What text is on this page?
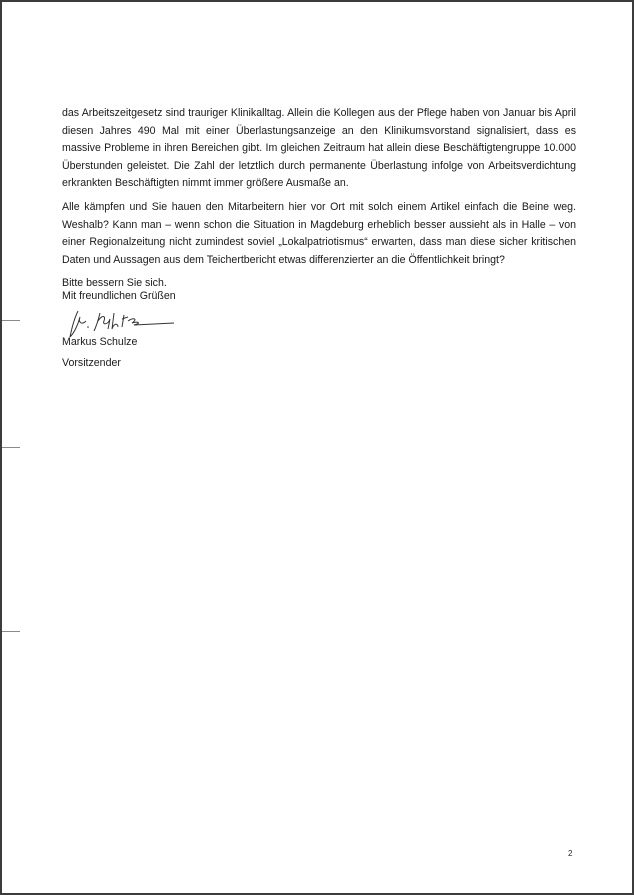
das Arbeitszeitgesetz sind trauriger Klinikalltag. Allein die Kollegen aus der Pflege haben von Januar bis April diesen Jahres 490 Mal mit einer Überlastungsanzeige an den Klinikumsvorstand signalisiert, dass es massive Probleme in ihren Bereichen gibt. Im gleichen Zeitraum hat allein diese Beschäftigtengruppe 10.000 Überstunden geleistet. Die Zahl der letztlich durch permanente Überlastung infolge von Arbeitsverdichtung erkrankten Beschäftigten nimmt immer größere Ausmaße an.

Alle kämpfen und Sie hauen den Mitarbeitern hier vor Ort mit solch einem Artikel einfach die Beine weg. Weshalb? Kann man – wenn schon die Situation in Magdeburg erheblich besser aussieht als in Halle – von einer Regionalzeitung nicht zumindest soviel „Lokalpatriotismus“ erwarten, dass man diese sicher kritischen Daten und Aussagen aus dem Teichertbericht etwas differenzierter an die Öffentlichkeit bringt?

Bitte bessern Sie sich.

Mit freundlichen Grüßen
Markus Schulze
Vorsitzender
2
